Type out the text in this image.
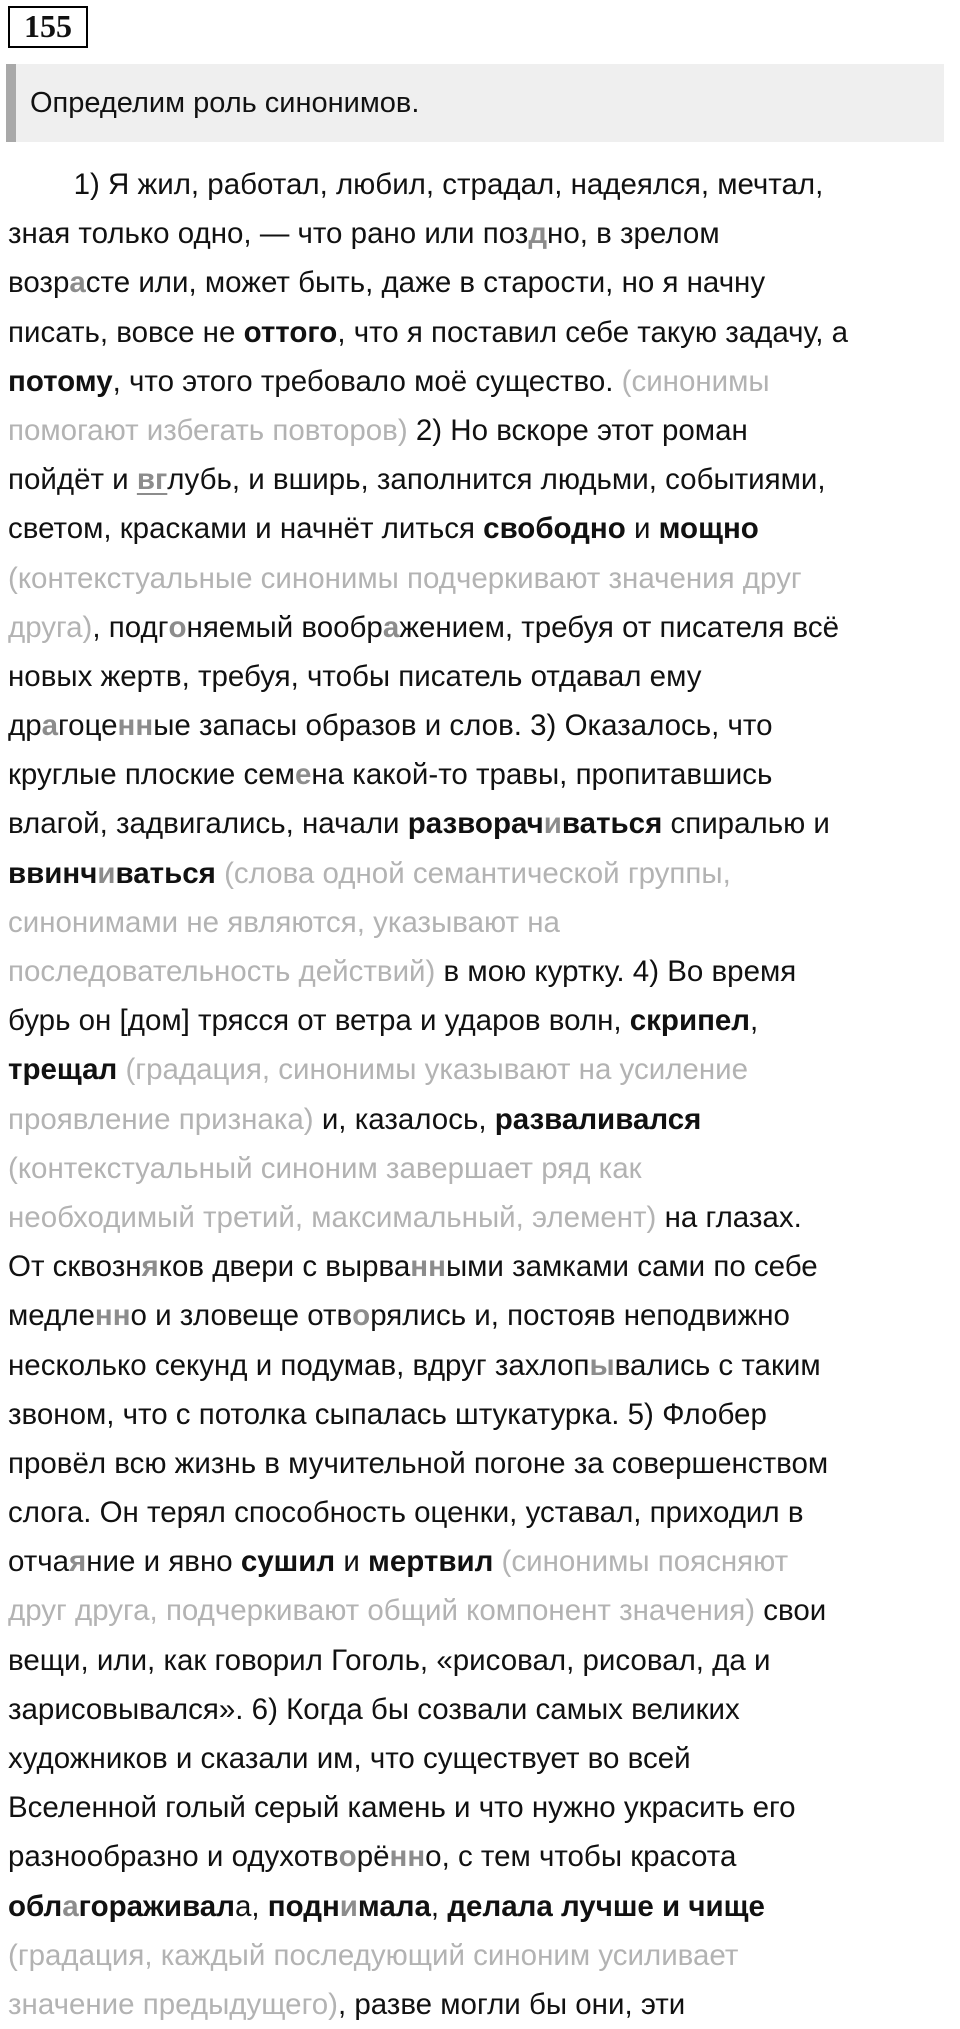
155
Определим роль синонимов.
1) Я жил, работал, любил, страдал, надеялся, мечтал,
зная только одно, — что рано или поздно, в зрелом
возрасте или, может быть, даже в старости, но я начну
писать, вовсе не оттого, что я поставил себе такую задачу, а
потому, что этого требовало моё существо. (синонимы
помогают избегать повторов) 2) Но вскоре этот роман
пойдёт и вглубь, и вширь, заполнится людьми, событиями,
светом, красками и начнёт литься свободно и мощно
(контекстуальные синонимы подчеркивают значения друг
друга), подгоняемый воображением, требуя от писателя всё
новых жертв, требуя, чтобы писатель отдавал ему
драгоценные запасы образов и слов. 3) Оказалось, что
круглые плоские семена какой-то травы, пропитавшись
влагой, задвигались, начали разворачиваться спиралью и
ввинчиваться (слова одной семантической группы,
синонимами не являются, указывают на
последовательность действий) в мою куртку. 4) Во время
бурь он [дом] трясся от ветра и ударов волн, скрипел,
трещал (градация, синонимы указывают на усиление
проявление признака) и, казалось, разваливался
(контекстуальный синоним завершает ряд как
необходимый третий, максимальный, элемент) на глазах.
От сквозняков двери с вырванными замками сами по себе
медленно и зловеще отворялись и, постояв неподвижно
несколько секунд и подумав, вдруг захлопывались с таким
звоном, что с потолка сыпалась штукатурка. 5) Флобер
провёл всю жизнь в мучительной погоне за совершенством
слога. Он терял способность оценки, уставал, приходил в
отчаяние и явно сушил и мертвил (синонимы поясняют
друг друга, подчеркивают общий компонент значения) свои
вещи, или, как говорил Гоголь, «рисовал, рисовал, да и
зарисовывался». 6) Когда бы созвали самых великих
художников и сказали им, что существует во всей
Вселенной голый серый камень и что нужно украсить его
разнообразно и одухотворённо, с тем чтобы красота
облагораживала, поднимала, делала лучше и чище
(градация, каждый последующий синоним усиливает
значение предыдущего), разве могли бы они, эти
